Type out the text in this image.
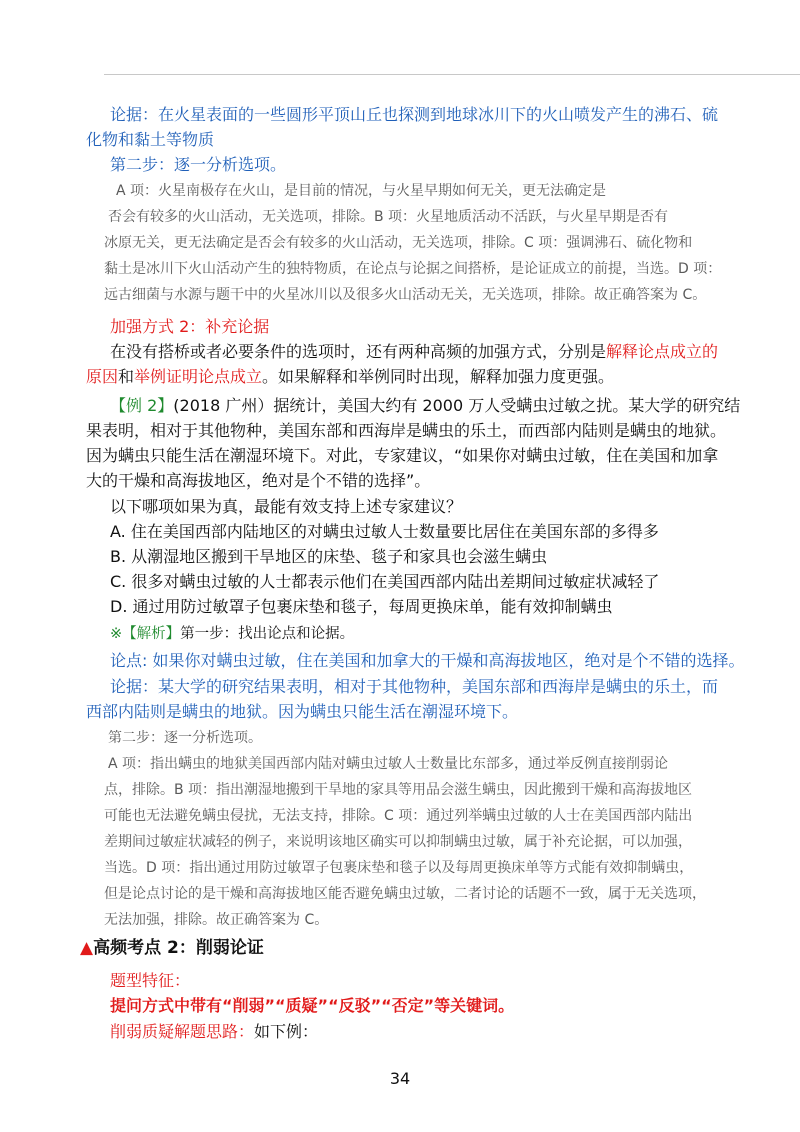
论据：在火星表面的一些圆形平顶山丘也探测到地球冰川下的火山喷发产生的沸石、硫
化物和黏土等物质
第二步：逐一分析选项。
A 项：火星南极存在火山，是目前的情况，与火星早期如何无关，更无法确定是
否会有较多的火山活动，无关选项，排除。B 项：火星地质活动不活跃，与火星早期是否有
冰原无关，更无法确定是否会有较多的火山活动，无关选项，排除。C 项：强调沸石、硫化物和
黏土是冰川下火山活动产生的独特物质，在论点与论据之间搭桥，是论证成立的前提，当选。D 项：
远古细菌与水源与题干中的火星冰川以及很多火山活动无关，无关选项，排除。故正确答案为 C。
加强方式 2：补充论据
在没有搭桥或者必要条件的选项时，还有两种高频的加强方式，分别是解释论点成立的
原因和举例证明论点成立。如果解释和举例同时出现，解释加强力度更强。
【例 2】(2018 广州）据统计，美国大约有 2000 万人受螨虫过敏之扰。某大学的研究结
果表明，相对于其他物种，美国东部和西海岸是螨虫的乐土，而西部内陆则是螨虫的地狱。
因为螨虫只能生活在潮湿环境下。对此，专家建议，“如果你对螨虫过敏，住在美国和加拿
大的干燥和高海拔地区，绝对是个不错的选择”。
以下哪项如果为真，最能有效支持上述专家建议？
A. 住在美国西部内陆地区的对螨虫过敏人士数量要比居住在美国东部的多得多
B. 从潮湿地区搬到干旱地区的床垫、毯子和家具也会滋生螨虫
C. 很多对螨虫过敏的人士都表示他们在美国西部内陆出差期间过敏症状减轻了
D. 通过用防过敏罩子包裹床垫和毯子，每周更换床单，能有效抑制螨虫
※【解析】第一步：找出论点和论据。
论点: 如果你对螨虫过敏，住在美国和加拿大的干燥和高海拔地区，绝对是个不错的选择。
论据：某大学的研究结果表明，相对于其他物种，美国东部和西海岸是螨虫的乐土，而
西部内陆则是螨虫的地狱。因为螨虫只能生活在潮湿环境下。
第二步：逐一分析选项。
A 项：指出螨虫的地狱美国西部内陆对螨虫过敏人士数量比东部多，通过举反例直接削弱论
点，排除。B 项：指出潮湿地搬到干旱地的家具等用品会滋生螨虫，因此搬到干燥和高海拔地区
可能也无法避免螨虫侵扰，无法支持，排除。C 项：通过列举螨虫过敏的人士在美国西部内陆出
差期间过敏症状减轻的例子，来说明该地区确实可以抑制螨虫过敏，属于补充论据，可以加强，
当选。D 项：指出通过用防过敏罩子包裹床垫和毯子以及每周更换床单等方式能有效抑制螨虫，
但是论点讨论的是干燥和高海拔地区能否避免螨虫过敏，二者讨论的话题不一致，属于无关选项，
无法加强，排除。故正确答案为 C。
▲高频考点 2：削弱论证
题型特征：
提问方式中带有“削弱”“质疑”“反驳”“否定”等关键词。
削弱质疑解题思路：如下例：
34
